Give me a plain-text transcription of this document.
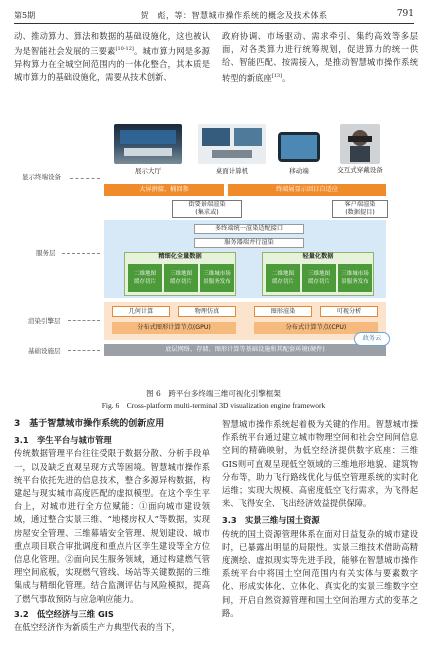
第5期	贺　彪，等：智慧城市操作系统的概念及技术体系	791

动、推动算力、算法和数据的基础设施化，这也被认为是智能社会发展的三要素[10-12]。城市算力网是多源异构算力在全城空间范围内的一体化整合，其本质是城市算力的基础设施化，需要从技术创新、

政府协调、市场驱动、需求牵引、集约高效等多层面，对各类算力进行统筹规划，促进算力的统一供给、智能匹配、按需接入，是推动智慧城市操作系统转型的新底座[13]。

显示终端设备
服务层
渲染引擎层
基础设施层
展示大厅	桌面计算机	移动端	交互式穿戴设备
大屏拼接、桶回参	终端展显示回目自适应
街要景端渲染
(集求或)
客户端渲染
(数据提目)
多终端统一渲染适配接口
服务器端并行渲染
精细化全量数据
二维地图
缓存切片
三维地图
缓存切片
三维城市场
景服务发布
轻量化数据
二维地图
缓存切片
三维地图
缓存切片
三维城市场
景服务发布
几何计算	物理仿真	图形渲染	可视分析
分布式图形计算节点(GPU)	分布式计算节点(CPU)
底层网络、存储、图形计算等基础设施和其配套环境(硬件)
政务云
图 6　跨平台多终端三维可视化引擎框架
Fig. 6　Cross-platform multi-terminal 3D visualization engine framework

3　基于智慧城市操作系统的创新应用

3.1　孪生平台与城市管理

传统数据管理平台往往受限于数据分散、分析手段单一，以及缺乏直观呈现方式等困境。智慧城市操作系统平台依托先进的信息技术，整合多源异构数据，构建起与现实城市高度匹配的虚拟模型。在这个孪生平台上，对城市进行全方位赋能：①面向城市建设领域，通过整合实景三维、“地楼房权人”等数据，实现房屋安全管理、三维幕墙安全管理、规划建设、城市重点项目联合审批调度和重点片区孪生建设等全方位信息化管理。②面向民生服务领域，通过构建燃气管理空间底板，实现燃气管线、场站等关键数据的三维集成与精细化管理。结合监测评估与风险模拟，提高了燃气事故预防与应急响应能力。

3.2　低空经济与三维 GIS

在低空经济作为新质生产力典型代表的当下，

智慧城市操作系统起着极为关键的作用。智慧城市操作系统平台通过建立城市物理空间和社会空间间信息空间的精确映射，为低空经济提供数字底座：三维GIS则可直观呈现低空领域的三维地形地貌、建筑物分布等，助力飞行路线优化与低空管理系统的实时化运维；实现大规模、高密度低空飞行需求，为飞得起来、飞得安全、飞出经济效益提供保障。

3.3　实景三维与国土资源

传统的国土资源管理体系在面对日益复杂的城市建设时，已暴露出明显的局限性。实景三维技术借助高精度测绘、虚拟现实等先进手段，能够在智慧城市操作系统平台中将国土空间范围内有关实体与要素数字化、形成实体化、立体化、真实化的实景三维数字空间，开启自然资源管理和国土空间治理方式的变革之路。
